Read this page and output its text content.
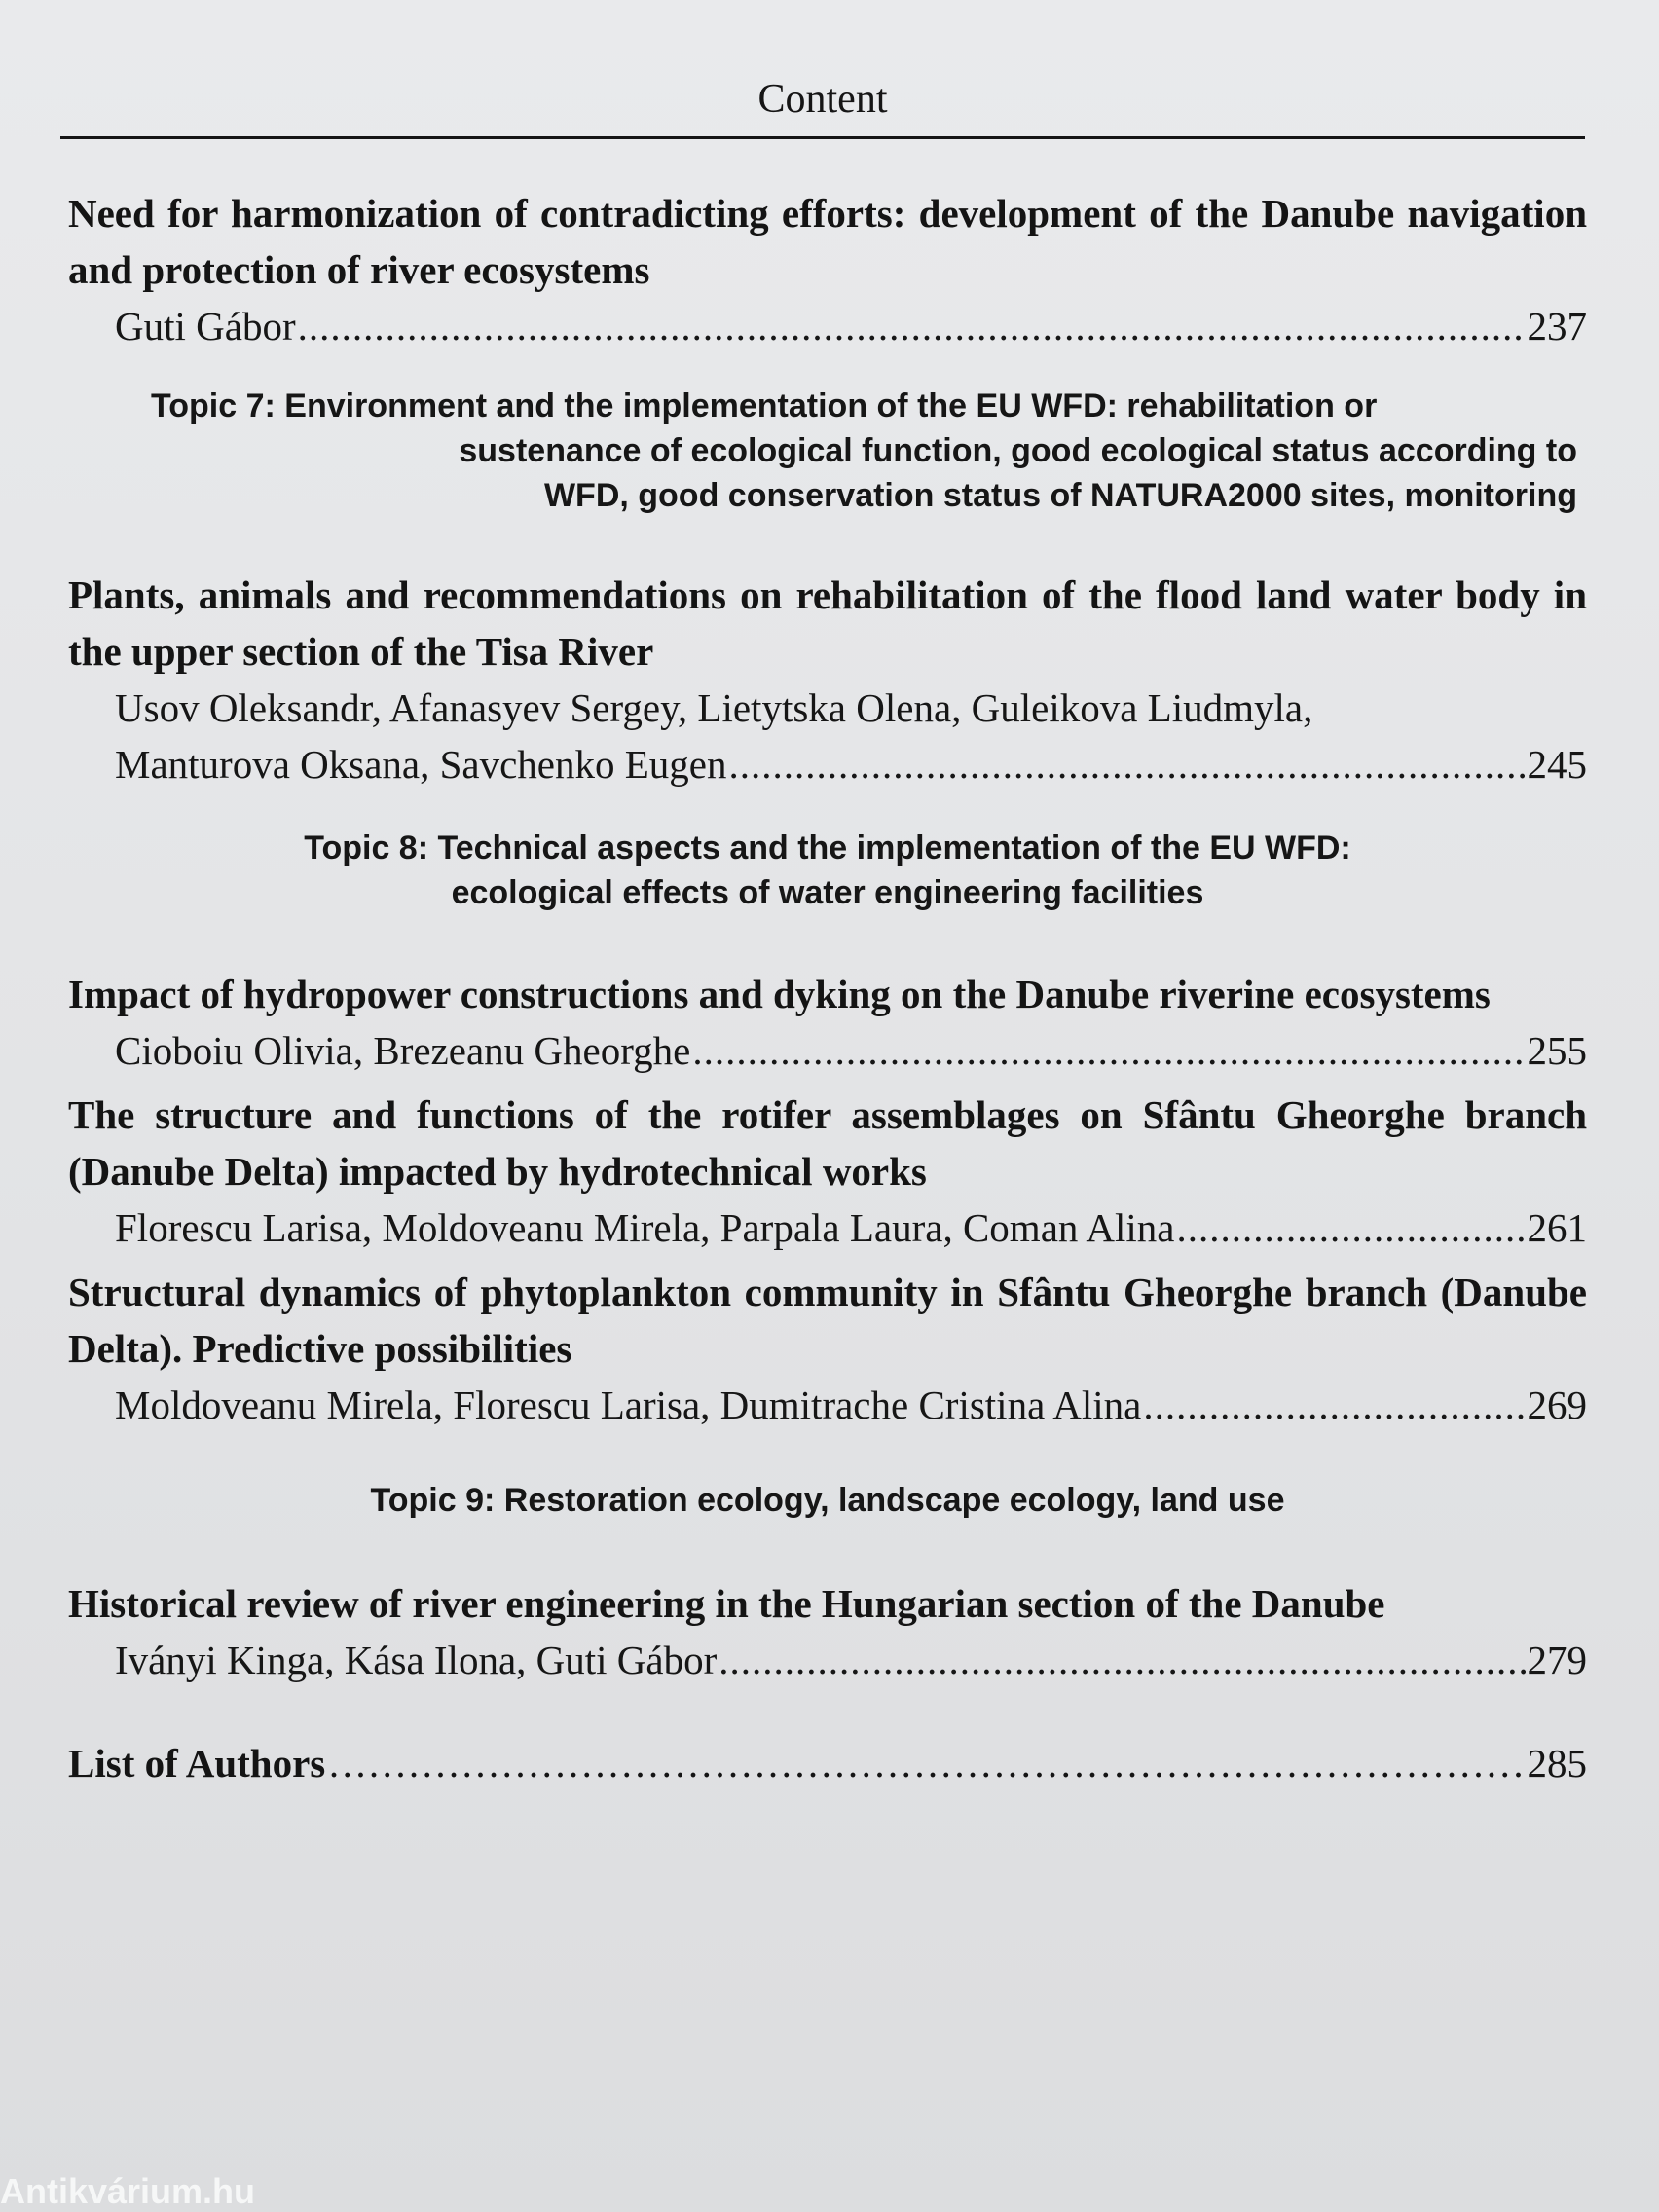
Content
Need for harmonization of contradicting efforts: development of the Danube navigation and protection of river ecosystems
Guti Gábor .....	237
Topic 7: Environment and the implementation of the EU WFD: rehabilitation or
sustenance of ecological function, good ecological status according to
WFD, good conservation status of NATURA2000 sites, monitoring
Plants, animals and recommendations on rehabilitation of the flood land water body in the upper section of the Tisa River
Usov Oleksandr, Afanasyev Sergey, Lietytska Olena, Guleikova Liudmyla,
Manturova Oksana, Savchenko Eugen .....	245
Topic 8: Technical aspects and the implementation of the EU WFD:
ecological effects of water engineering facilities
Impact of hydropower constructions and dyking on the Danube riverine ecosystems
Cioboiu Olivia, Brezeanu Gheorghe .....	255
The structure and functions of the rotifer assemblages on Sfântu Gheorghe branch (Danube Delta) impacted by hydrotechnical works
Florescu Larisa, Moldoveanu Mirela, Parpala Laura, Coman Alina .....	261
Structural dynamics of phytoplankton community in Sfântu Gheorghe branch (Danube Delta). Predictive possibilities
Moldoveanu Mirela, Florescu Larisa, Dumitrache Cristina Alina .....	269
Topic 9: Restoration ecology, landscape ecology, land use
Historical review of river engineering in the Hungarian section of the Danube
Iványi Kinga, Kása Ilona, Guti Gábor .....	279
List of Authors …………………………………………………………………………………………………………………………………………………………………………………………	285
Antikvárium.hu
